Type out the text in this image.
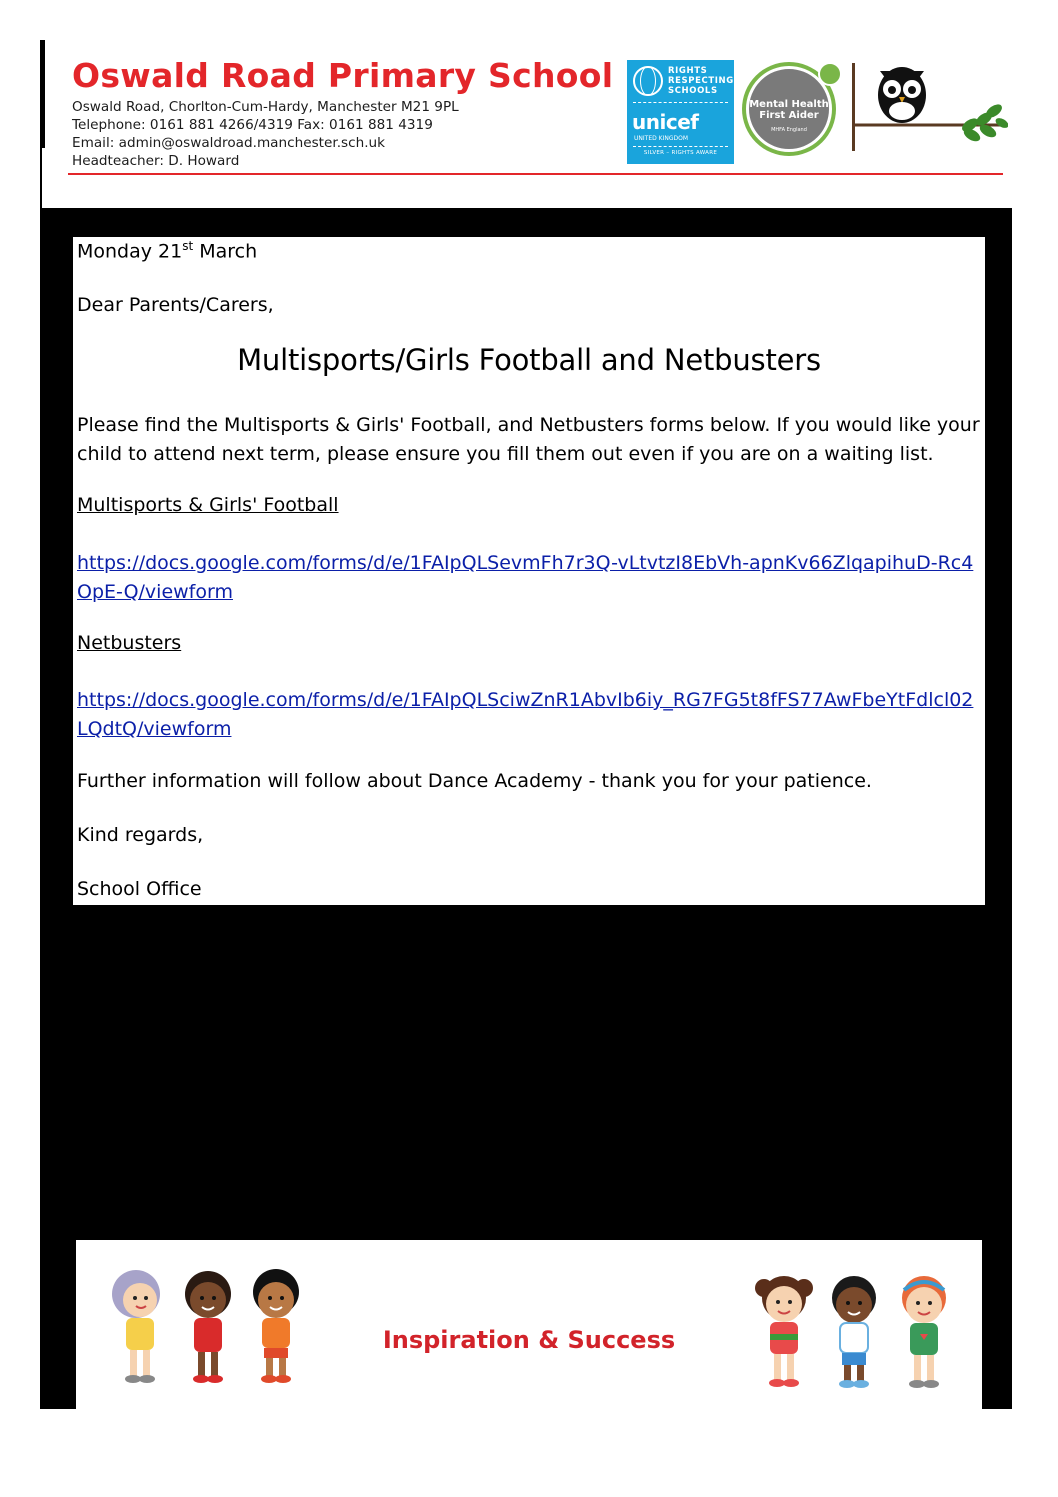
Oswald Road Primary School
Oswald Road, Chorlton-Cum-Hardy, Manchester M21 9PL
Telephone: 0161 881 4266/4319 Fax: 0161 881 4319
Email: admin@oswaldroad.manchester.sch.uk
Headteacher: D. Howard
RIGHTS
RESPECTING
SCHOOLS
unicef
UNITED KINGDOM
SILVER – RIGHTS AWARE
Mental Health
First Aider
MHFA England

Monday 21st March

Dear Parents/Carers,

Multisports/Girls Football and Netbusters

Please find the Multisports & Girls' Football, and Netbusters forms below. If you would like your child to attend next term, please ensure you fill them out even if you are on a waiting list.

Multisports & Girls' Football

https://docs.google.com/forms/d/e/1FAIpQLSevmFh7r3Q-vLtvtzI8EbVh-apnKv66ZlqapihuD-Rc4OpE-Q/viewform

Netbusters

https://docs.google.com/forms/d/e/1FAIpQLSciwZnR1AbvIb6iy_RG7FG5t8fFS77AwFbeYtFdlcl02LQdtQ/viewform

Further information will follow about Dance Academy - thank you for your patience.

Kind regards,

School Office

Inspiration & Success
